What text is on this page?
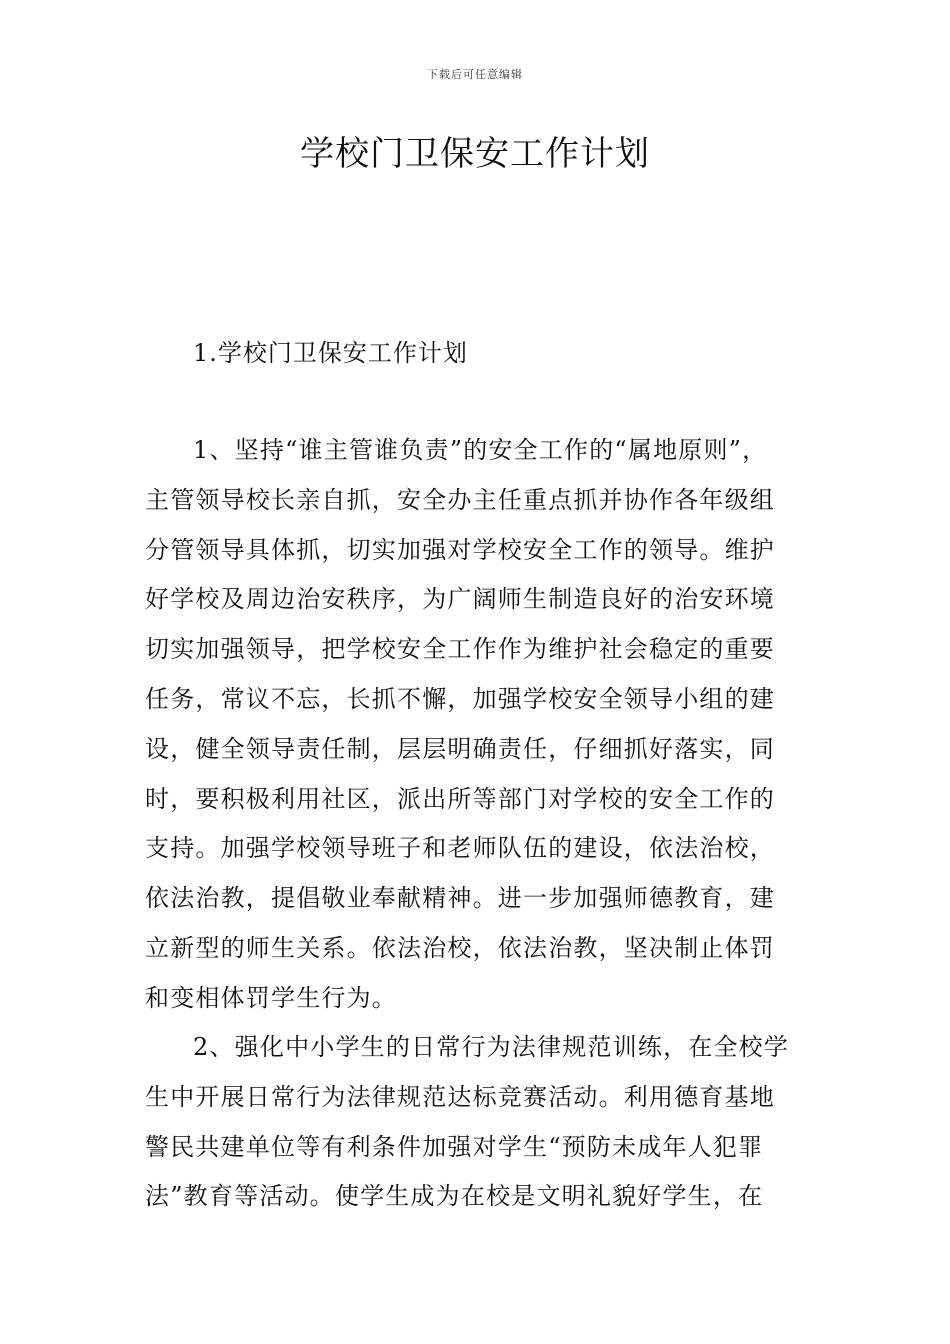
下载后可任意编辑
学校门卫保安工作计划
1.学校门卫保安工作计划
1、坚持“谁主管谁负责”的安全工作的“属地原则”，
主管领导校长亲自抓，安全办主任重点抓并协作各年级组
分管领导具体抓，切实加强对学校安全工作的领导。维护
好学校及周边治安秩序，为广阔师生制造良好的治安环境
切实加强领导，把学校安全工作作为维护社会稳定的重要
任务，常议不忘，长抓不懈，加强学校安全领导小组的建
设，健全领导责任制，层层明确责任，仔细抓好落实，同
时，要积极利用社区，派出所等部门对学校的安全工作的
支持。加强学校领导班子和老师队伍的建设，依法治校，
依法治教，提倡敬业奉献精神。进一步加强师德教育，建
立新型的师生关系。依法治校，依法治教，坚决制止体罚
和变相体罚学生行为。
2、强化中小学生的日常行为法律规范训练，在全校学
生中开展日常行为法律规范达标竞赛活动。利用德育基地
警民共建单位等有利条件加强对学生“预防未成年人犯罪
法”教育等活动。使学生成为在校是文明礼貌好学生，在
